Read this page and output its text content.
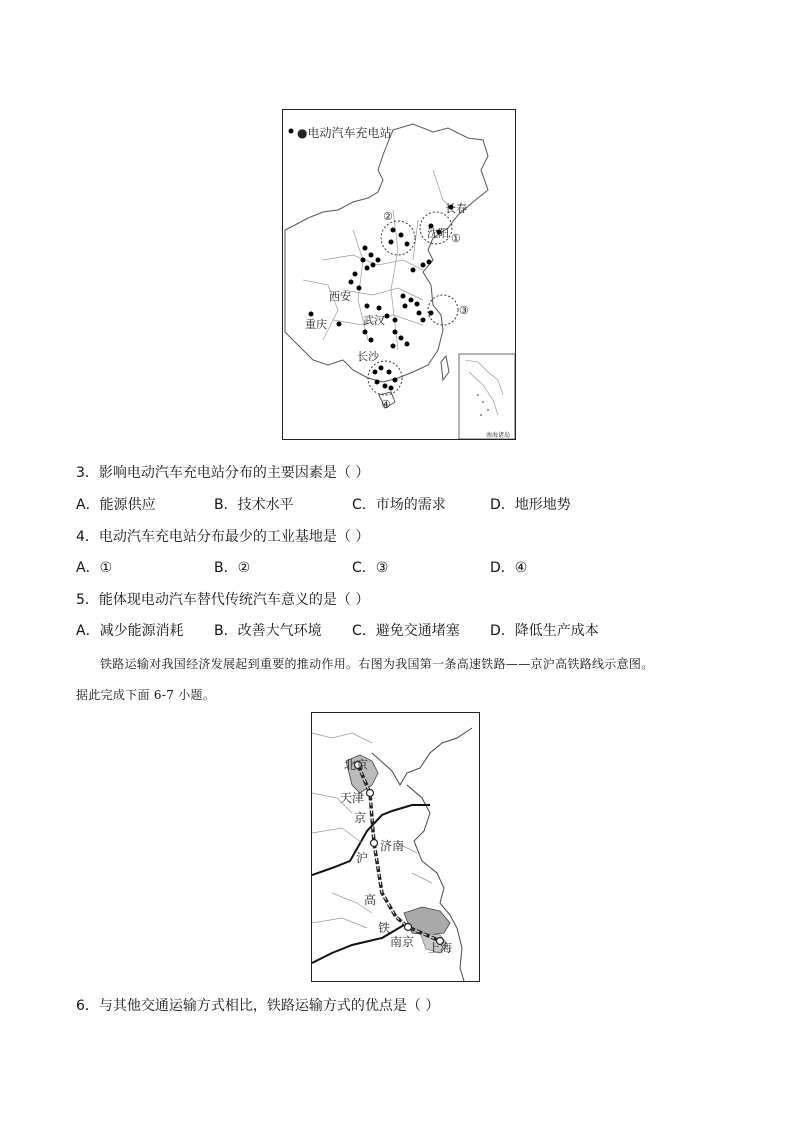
●电动汽车充电站
长春
沈阳
西安
武汉
重庆
长沙
①
②
③
④
南海诸岛
3．影响电动汽车充电站分布的主要因素是（ ）
A．能源供应	B．技术水平	C．市场的需求	D．地形地势
4．电动汽车充电站分布最少的工业基地是（ ）
A．①	B．②	C．③	D．④
5．能体现电动汽车替代传统汽车意义的是（ ）
A．减少能源消耗 B．改善大气环境 C．避免交通堵塞 D．降低生产成本
铁路运输对我国经济发展起到重要的推动作用。右图为我国第一条高速铁路——京沪高铁路线示意图。
据此完成下面 6-7 小题。
北京
天津
济南
南京 上海
京
沪
高
铁
6．与其他交通运输方式相比，铁路运输方式的优点是（ ）
